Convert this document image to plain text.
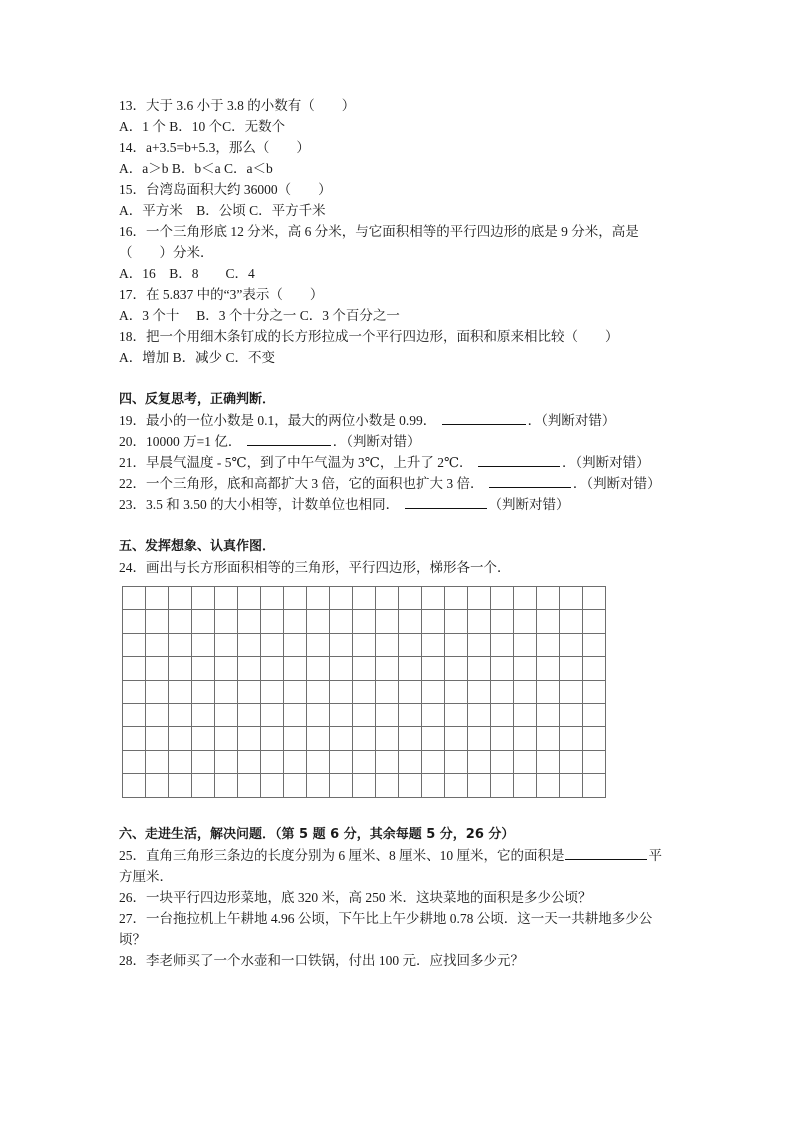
13．大于 3.6 小于 3.8 的小数有（　　）
A．1 个 B．10 个C．无数个
14．a+3.5=b+5.3，那么（　　）
A．a＞b B．b＜a C．a＜b
15．台湾岛面积大约 36000（　　）
A．平方米　B．公顷 C．平方千米
16．一个三角形底 12 分米，高 6 分米，与它面积相等的平行四边形的底是 9 分米，高是
（　　）分米．
A．16　B．8　　C．4
17．在 5.837 中的“3”表示（　　）
A．3 个十　 B．3 个十分之一 C．3 个百分之一
18．把一个用细木条钉成的长方形拉成一个平行四边形，面积和原来相比较（　　）
A．增加 B．减少 C．不变
四、反复思考，正确判断．
19．最小的一位小数是 0.1，最大的两位小数是 0.99．	．（判断对错）
20．10000 万=1 亿．	．（判断对错）
21．早晨气温度 - 5℃，到了中午气温为 3℃，上升了 2℃．	．（判断对错）
22．一个三角形，底和高都扩大 3 倍，它的面积也扩大 3 倍．	．（判断对错）
23．3.5 和 3.50 的大小相等，计数单位也相同．	（判断对错）
五、发挥想象、认真作图．
24．画出与长方形面积相等的三角形，平行四边形，梯形各一个．

六、走进生活，解决问题．（第 5 题 6 分，其余每题 5 分，26 分）
25．直角三角形三条边的长度分别为 6 厘米、8 厘米、10 厘米，它的面积是	平
方厘米．
26．一块平行四边形菜地，底 320 米，高 250 米．这块菜地的面积是多少公顷？
27．一台拖拉机上午耕地 4.96 公顷，下午比上午少耕地 0.78 公顷．这一天一共耕地多少公
顷？
28．李老师买了一个水壶和一口铁锅，付出 100 元．应找回多少元？
